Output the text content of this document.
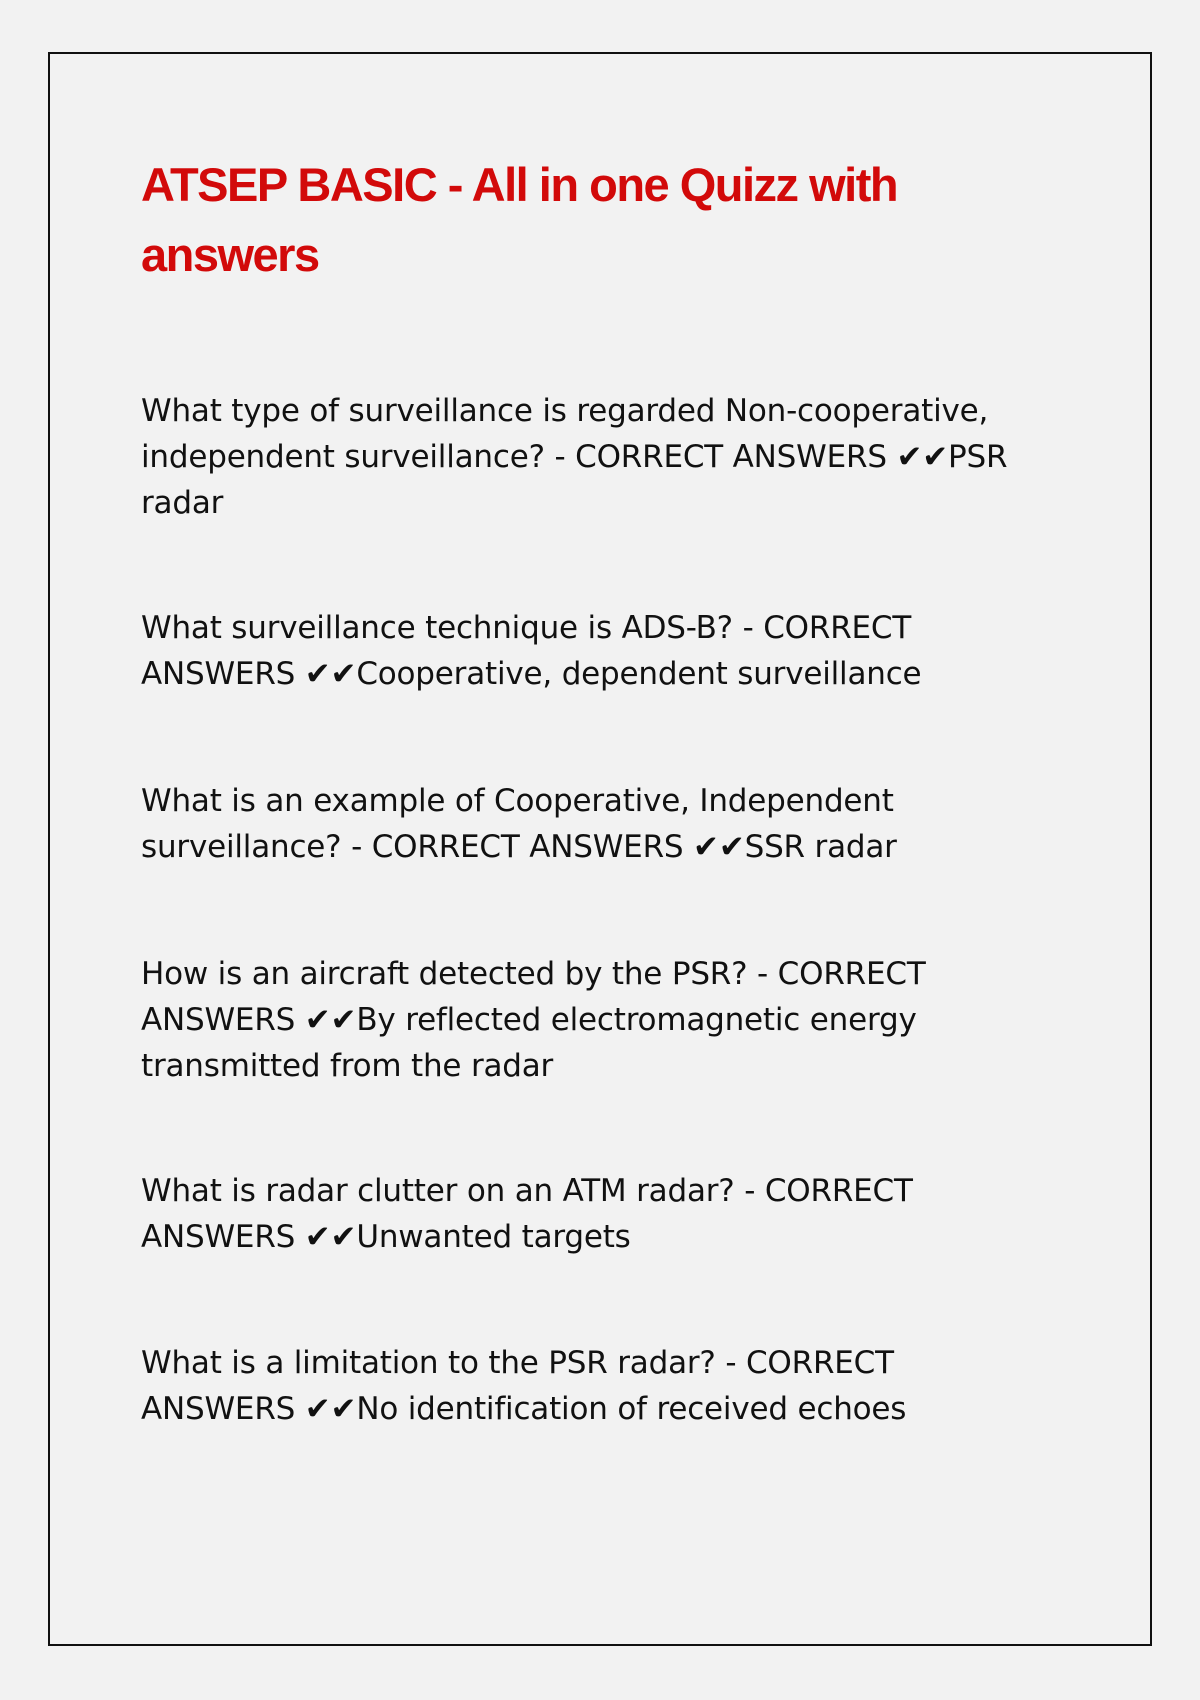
ATSEP BASIC - All in one Quizz with answers

What type of surveillance is regarded Non-cooperative, independent surveillance? - CORRECT ANSWERS ✔✔PSR radar

What surveillance technique is ADS-B? - CORRECT ANSWERS ✔✔Cooperative, dependent surveillance

What is an example of Cooperative, Independent surveillance? - CORRECT ANSWERS ✔✔SSR radar

How is an aircraft detected by the PSR? - CORRECT ANSWERS ✔✔By reflected electromagnetic energy transmitted from the radar

What is radar clutter on an ATM radar? - CORRECT ANSWERS ✔✔Unwanted targets

What is a limitation to the PSR radar? - CORRECT ANSWERS ✔✔No identification of received echoes
